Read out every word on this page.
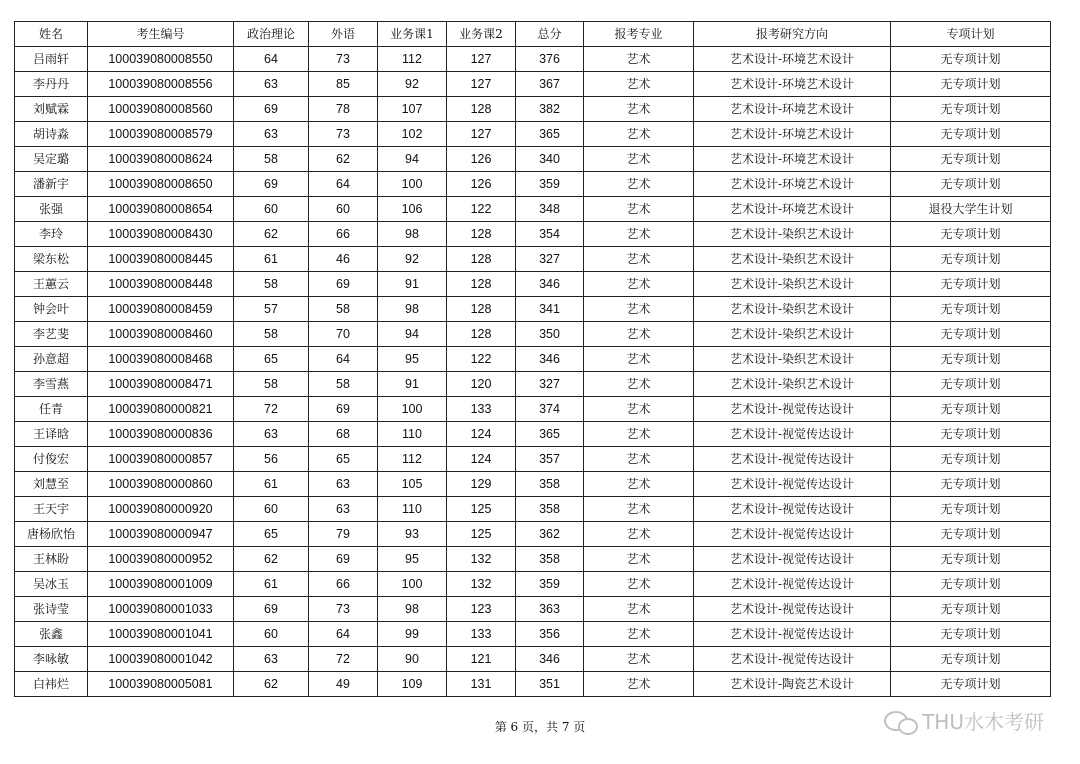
姓名	考生编号	政治理论	外语	业务课1	业务课2	总分	报考专业	报考研究方向	专项计划
吕雨轩	100039080008550	64	73	112	127	376	艺术	艺术设计-环境艺术设计	无专项计划
李丹丹	100039080008556	63	85	92	127	367	艺术	艺术设计-环境艺术设计	无专项计划
刘赋霖	100039080008560	69	78	107	128	382	艺术	艺术设计-环境艺术设计	无专项计划
胡诗淼	100039080008579	63	73	102	127	365	艺术	艺术设计-环境艺术设计	无专项计划
吴定璐	100039080008624	58	62	94	126	340	艺术	艺术设计-环境艺术设计	无专项计划
潘新宇	100039080008650	69	64	100	126	359	艺术	艺术设计-环境艺术设计	无专项计划
张强	100039080008654	60	60	106	122	348	艺术	艺术设计-环境艺术设计	退役大学生计划
李玲	100039080008430	62	66	98	128	354	艺术	艺术设计-染织艺术设计	无专项计划
梁东松	100039080008445	61	46	92	128	327	艺术	艺术设计-染织艺术设计	无专项计划
王蕙云	100039080008448	58	69	91	128	346	艺术	艺术设计-染织艺术设计	无专项计划
钟会叶	100039080008459	57	58	98	128	341	艺术	艺术设计-染织艺术设计	无专项计划
李艺斐	100039080008460	58	70	94	128	350	艺术	艺术设计-染织艺术设计	无专项计划
孙意超	100039080008468	65	64	95	122	346	艺术	艺术设计-染织艺术设计	无专项计划
李雪燕	100039080008471	58	58	91	120	327	艺术	艺术设计-染织艺术设计	无专项计划
任青	100039080000821	72	69	100	133	374	艺术	艺术设计-视觉传达设计	无专项计划
王译晗	100039080000836	63	68	110	124	365	艺术	艺术设计-视觉传达设计	无专项计划
付俊宏	100039080000857	56	65	112	124	357	艺术	艺术设计-视觉传达设计	无专项计划
刘慧至	100039080000860	61	63	105	129	358	艺术	艺术设计-视觉传达设计	无专项计划
王天宇	100039080000920	60	63	110	125	358	艺术	艺术设计-视觉传达设计	无专项计划
唐杨欣怡	100039080000947	65	79	93	125	362	艺术	艺术设计-视觉传达设计	无专项计划
王林盼	100039080000952	62	69	95	132	358	艺术	艺术设计-视觉传达设计	无专项计划
吴冰玉	100039080001009	61	66	100	132	359	艺术	艺术设计-视觉传达设计	无专项计划
张诗莹	100039080001033	69	73	98	123	363	艺术	艺术设计-视觉传达设计	无专项计划
张鑫	100039080001041	60	64	99	133	356	艺术	艺术设计-视觉传达设计	无专项计划
李咏敏	100039080001042	63	72	90	121	346	艺术	艺术设计-视觉传达设计	无专项计划
白袆烂	100039080005081	62	49	109	131	351	艺术	艺术设计-陶瓷艺术设计	无专项计划
第 6 页，共 7 页	THU水木考研
